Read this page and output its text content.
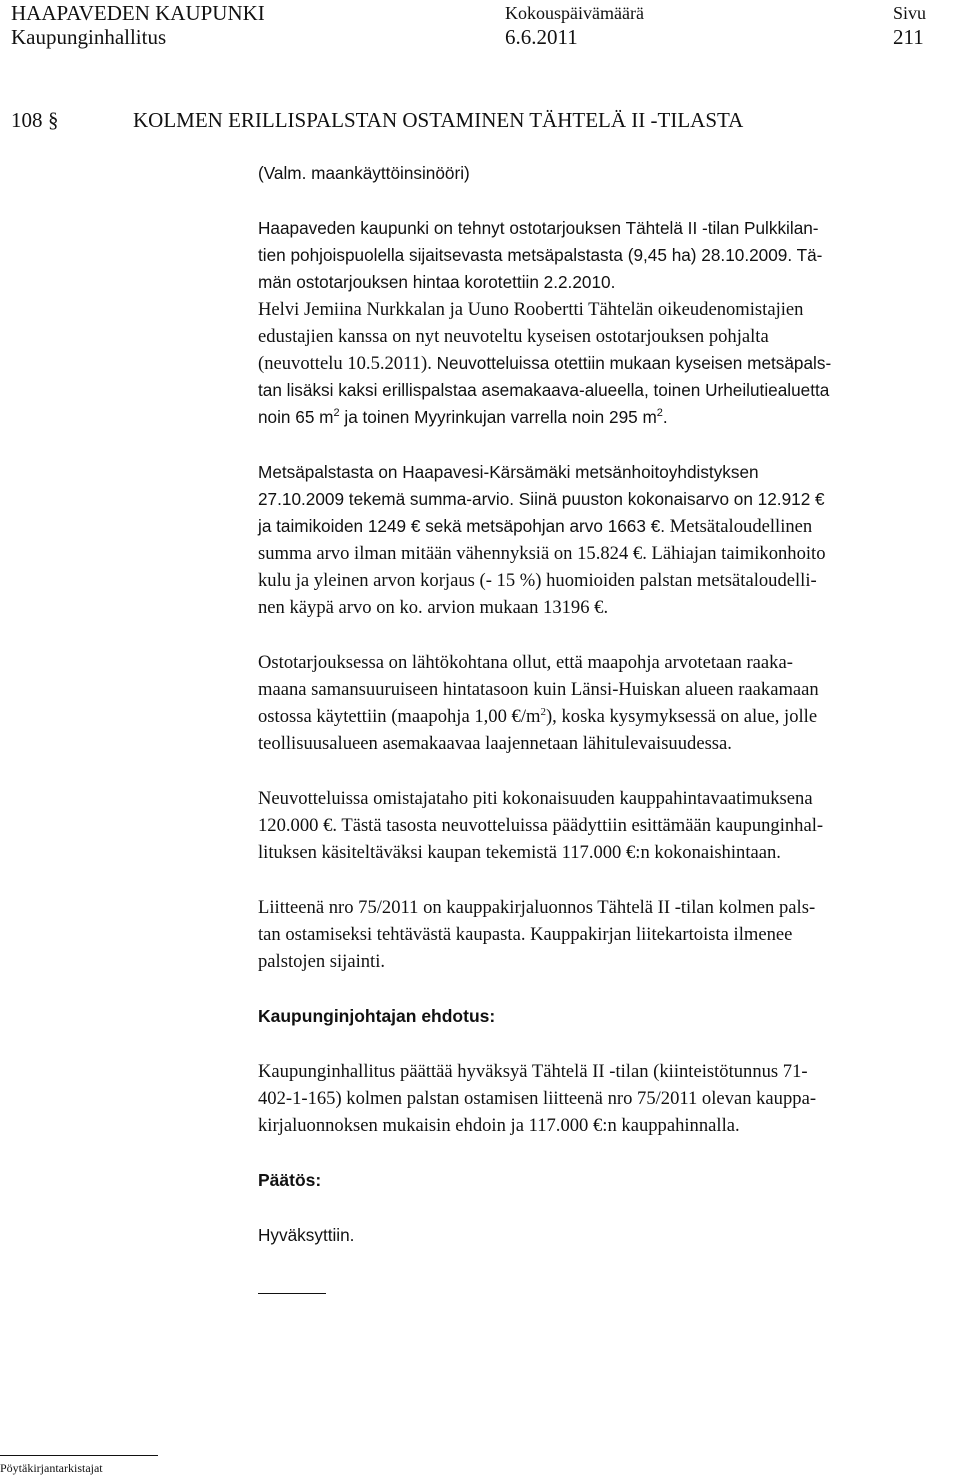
HAAPAVEDEN KAUPUNKI
Kaupunginhallitus
Kokouspäivämäärä
6.6.2011
Sivu
211
108 §	KOLMEN ERILLISPALSTAN OSTAMINEN TÄHTELÄ II -TILASTA

(Valm. maankäyttöinsinööri)

Haapaveden kaupunki on tehnyt ostotarjouksen Tähtelä II -tilan Pulkkilan-
tien pohjoispuolella sijaitsevasta metsäpalstasta (9,45 ha) 28.10.2009. Tä-
män ostotarjouksen hintaa korotettiin 2.2.2010.
Helvi Jemiina Nurkkalan ja Uuno Roobertti Tähtelän oikeudenomistajien
edustajien kanssa on nyt neuvoteltu kyseisen ostotarjouksen pohjalta
(neuvottelu 10.5.2011). Neuvotteluissa otettiin mukaan kyseisen metsäpals-
tan lisäksi kaksi erillispalstaa asemakaava-alueella, toinen Urheilutiealuetta
noin 65 $m^2$ ja toinen Myyrinkujan varrella noin 295 $m^2$.

Metsäpalstasta on Haapavesi-Kärsämäki metsänhoitoyhdistyksen
27.10.2009 tekemä summa-arvio. Siinä puuston kokonaisarvo on 12.912 €
ja taimikoiden 1249 € sekä metsäpohjan arvo 1663 €. Metsätaloudellinen
summa arvo ilman mitään vähennyksiä on 15.824 €. Lähiajan taimikonhoito
kulu ja yleinen arvon korjaus (- 15 %) huomioiden palstan metsätaloudelli-
nen käypä arvo on ko. arvion mukaan 13196 €.

Ostotarjouksessa on lähtökohtana ollut, että maapohja arvotetaan raaka-
maana samansuuruiseen hintatasoon kuin Länsi-Huiskan alueen raakamaan
ostossa käytettiin (maapohja 1,00 $€/m^2$), koska kysymyksessä on alue, jolle
teollisuusalueen asemakaavaa laajennetaan lähitulevaisuudessa.

Neuvotteluissa omistajataho piti kokonaisuuden kauppahintavaatimuksena
120.000 €. Tästä tasosta neuvotteluissa päädyttiin esittämään kaupunginhal-
lituksen käsiteltäväksi kaupan tekemistä 117.000 €:n kokonaishintaan.

Liitteenä nro 75/2011 on kauppakirjaluonnos Tähtelä II -tilan kolmen pals-
tan ostamiseksi tehtävästä kaupasta. Kauppakirjan liitekartoista ilmenee
palstojen sijainti.

Kaupunginjohtajan ehdotus:

Kaupunginhallitus päättää hyväksyä Tähtelä II -tilan (kiinteistötunnus 71-
402-1-165) kolmen palstan ostamisen liitteenä nro 75/2011 olevan kauppa-
kirjaluonnoksen mukaisin ehdoin ja 117.000 €:n kauppahinnalla.

Päätös:

Hyväksyttiin.

Pöytäkirjantarkistajat
